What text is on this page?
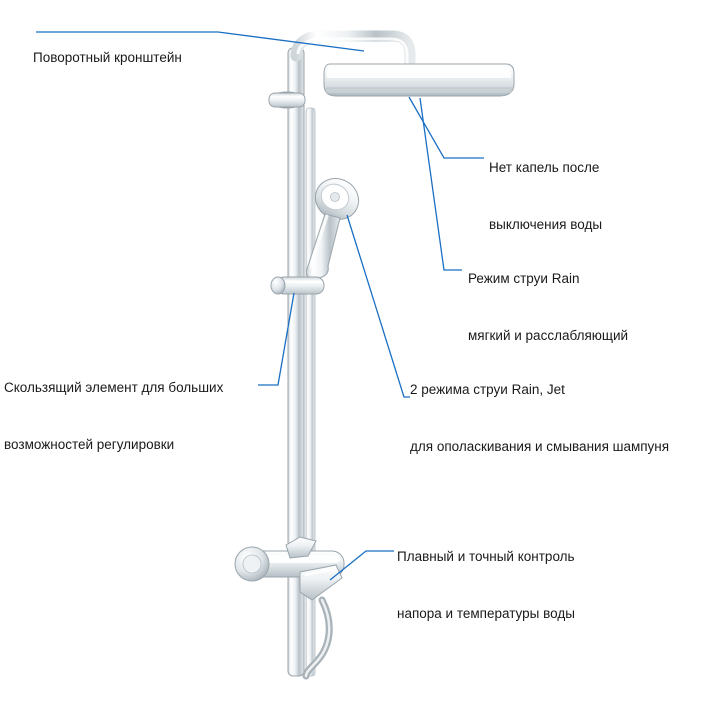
Поворотный кронштейн

Нет капель после

выключения воды

Режим струи Rain

мягкий и расслабляющий

Скользящий элемент для больших

возможностей регулировки

2 режима струи Rain, Jet

для ополаскивания и смывания шампуня

Плавный и точный контроль

напора и температуры воды
